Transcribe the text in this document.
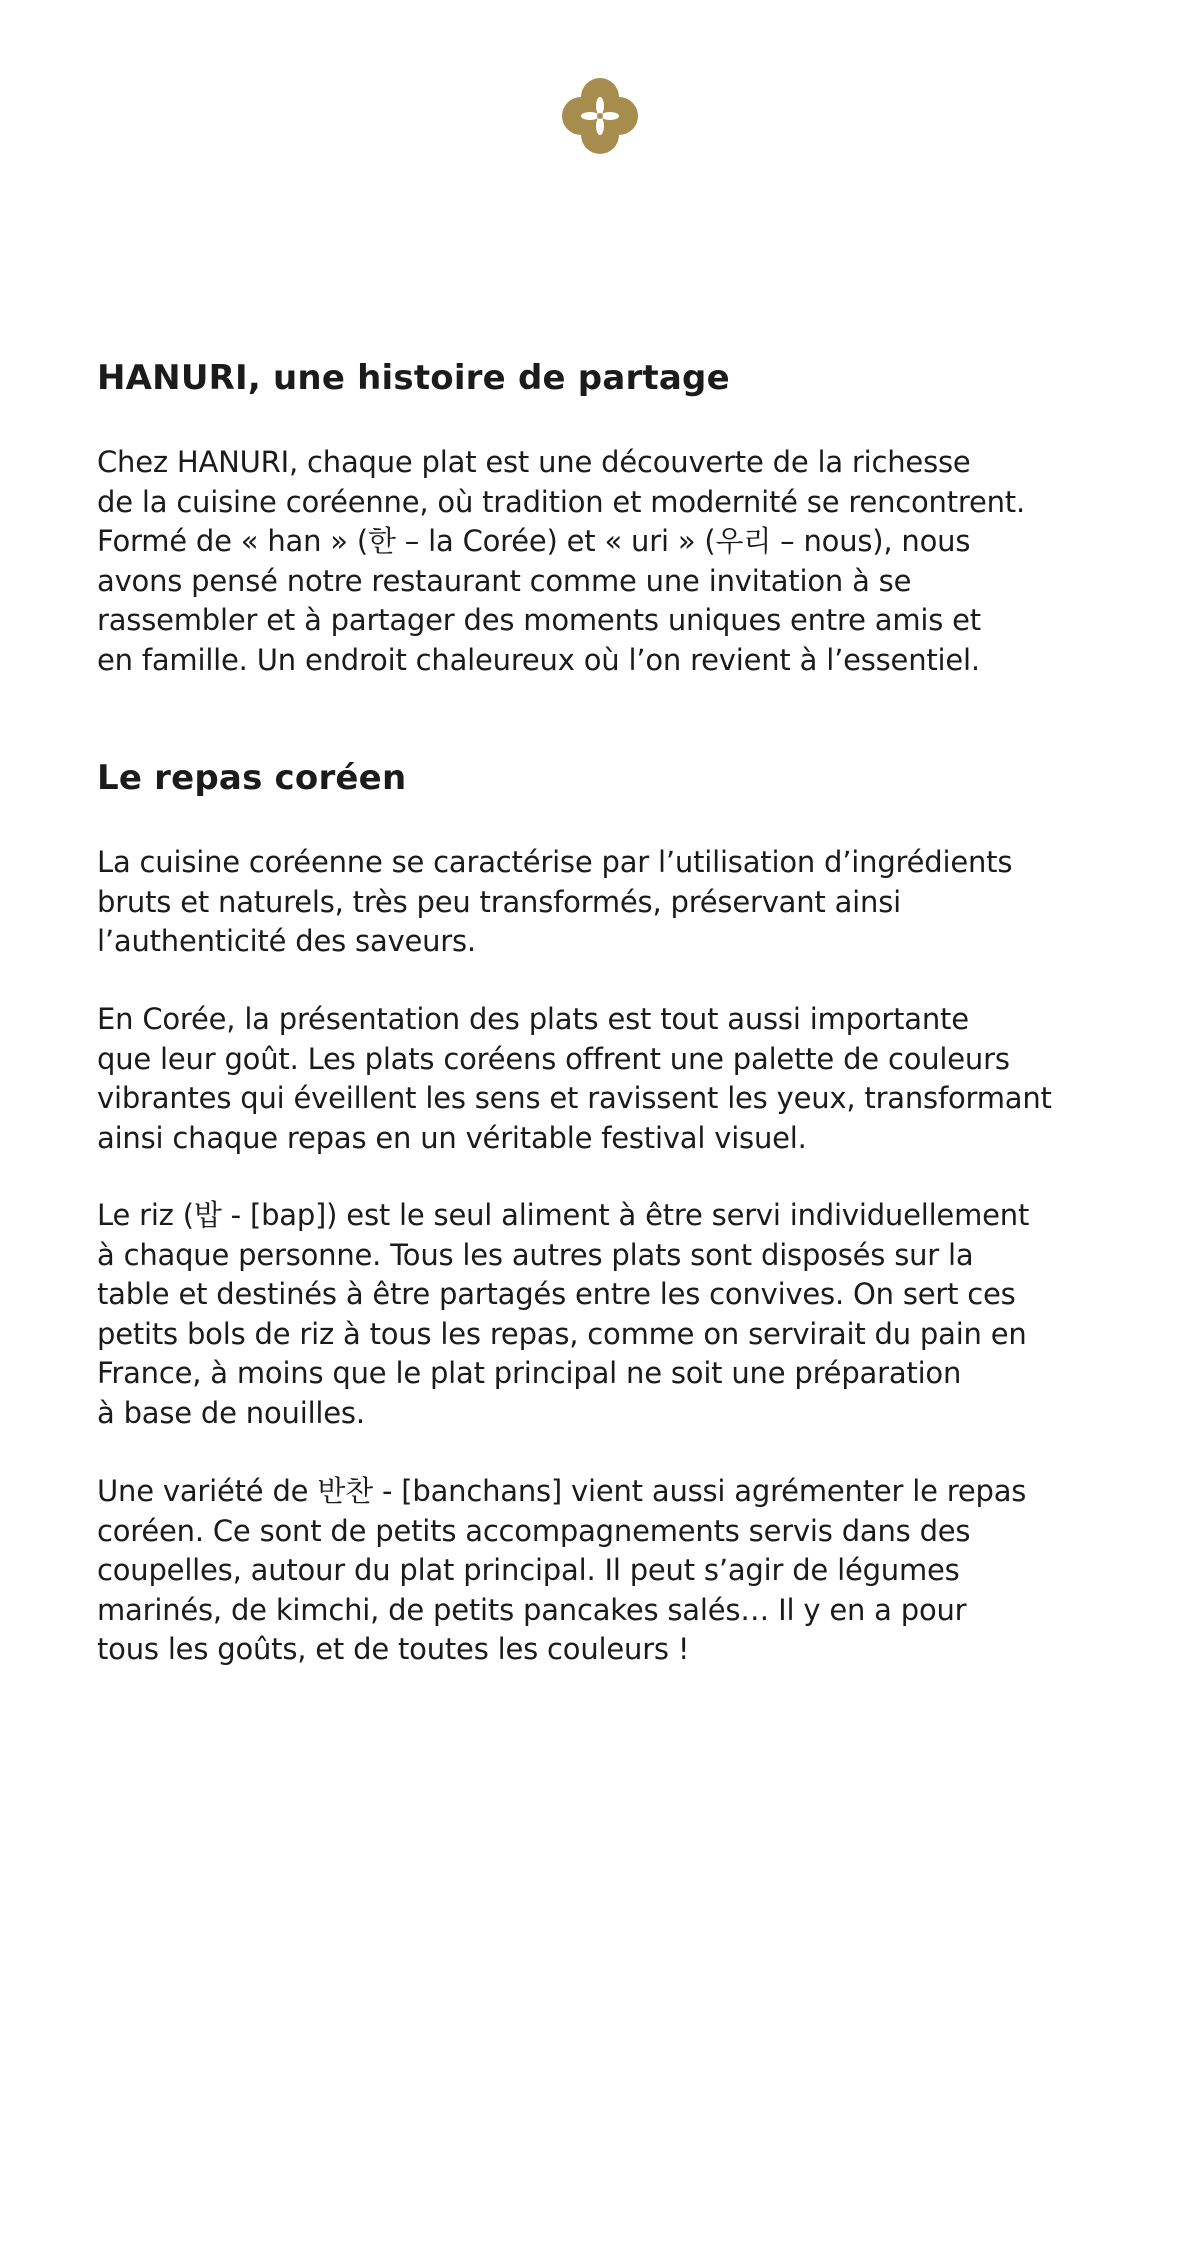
HANURI, une histoire de partage

Chez HANURI, chaque plat est une découverte de la richesse
de la cuisine coréenne, où tradition et modernité se rencontrent.
Formé de « han » (한 – la Corée) et « uri » (우리 – nous), nous
avons pensé notre restaurant comme une invitation à se
rassembler et à partager des moments uniques entre amis et
en famille. Un endroit chaleureux où l’on revient à l’essentiel.

Le repas coréen

La cuisine coréenne se caractérise par l’utilisation d’ingrédients
bruts et naturels, très peu transformés, préservant ainsi
l’authenticité des saveurs.

En Corée, la présentation des plats est tout aussi importante
que leur goût. Les plats coréens offrent une palette de couleurs
vibrantes qui éveillent les sens et ravissent les yeux, transformant
ainsi chaque repas en un véritable festival visuel.

Le riz (밥 - [bap]) est le seul aliment à être servi individuellement
à chaque personne. Tous les autres plats sont disposés sur la
table et destinés à être partagés entre les convives. On sert ces
petits bols de riz à tous les repas, comme on servirait du pain en
France, à moins que le plat principal ne soit une préparation
à base de nouilles.

Une variété de 반찬 - [banchans] vient aussi agrémenter le repas
coréen. Ce sont de petits accompagnements servis dans des
coupelles, autour du plat principal. Il peut s’agir de légumes
marinés, de kimchi, de petits pancakes salés… Il y en a pour
tous les goûts, et de toutes les couleurs !
